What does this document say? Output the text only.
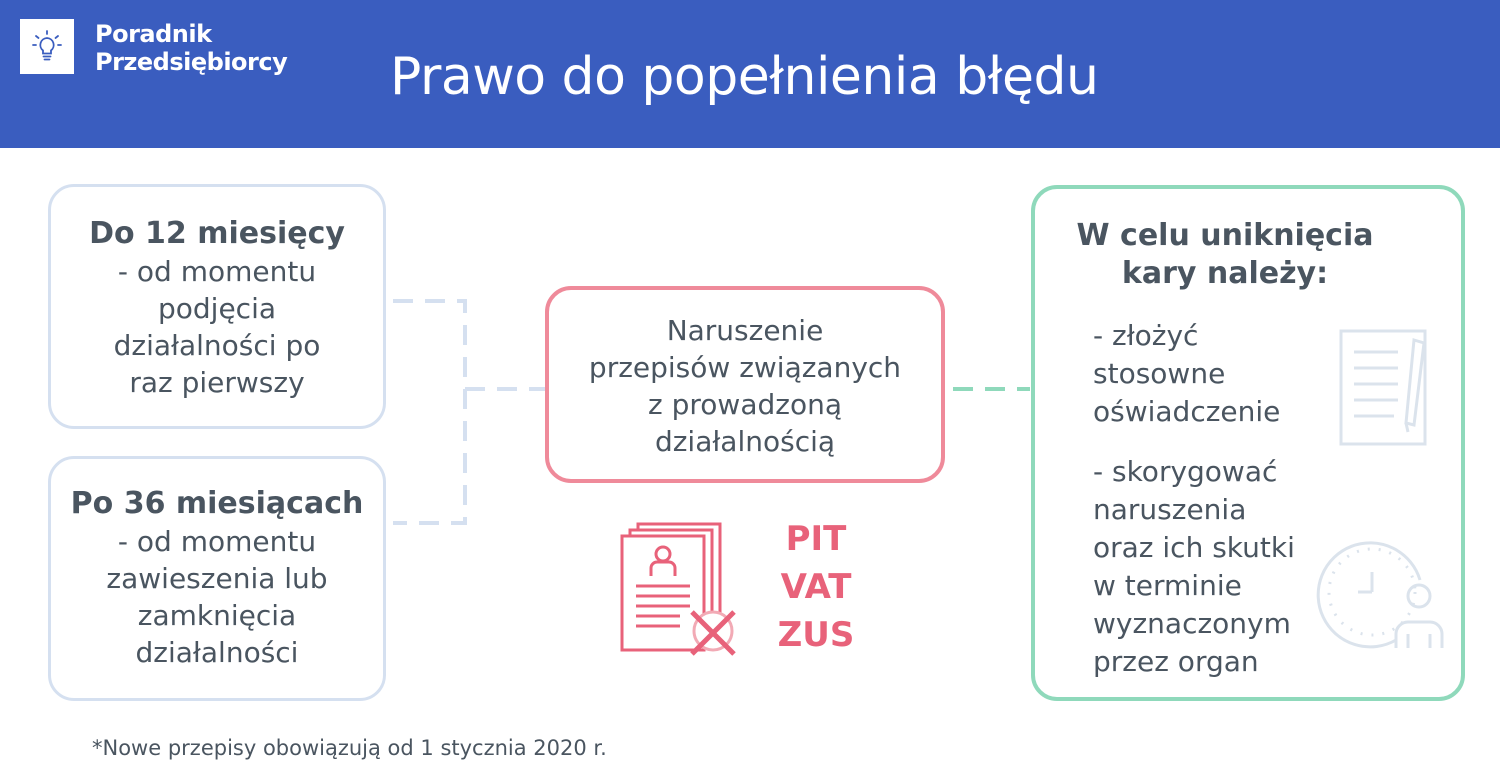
Poradnik
Przedsiębiorcy Prawo do popełnienia błędu
Do 12 miesięcy
- od momentu
podjęcia
działalności po
raz pierwszy
Po 36 miesiącach
- od momentu
zawieszenia lub
zamknięcia
działalności
Naruszenie
przepisów związanych
z prowadzoną
działalnością
PIT
VAT
ZUS
W celu uniknięcia
kary należy:
- złożyć
stosowne
oświadczenie
- skorygować
naruszenia
oraz ich skutki
w terminie
wyznaczonym
przez organ
*Nowe przepisy obowiązują od 1 stycznia 2020 r.
